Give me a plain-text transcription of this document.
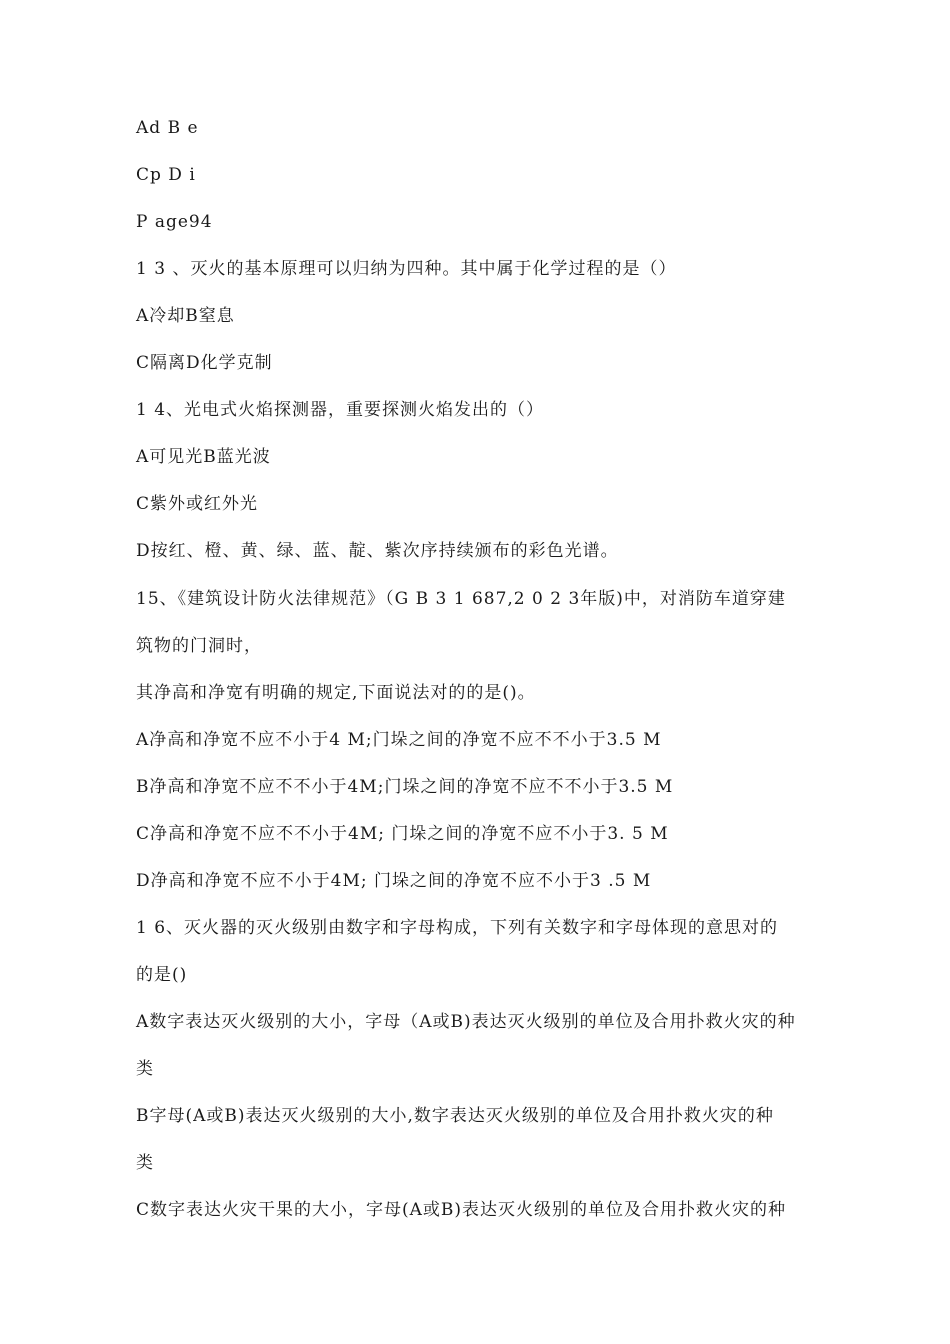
Ad B e
Cp D i
P age94
1 3 、灭火的基本原理可以归纳为四种。其中属于化学过程的是（）
A冷却B窒息
C隔离D化学克制
1 4、光电式火焰探测器，重要探测火焰发出的（）
A可见光B蓝光波
C紫外或红外光
D按红、橙、黄、绿、蓝、靛、紫次序持续颁布的彩色光谱。
15、《建筑设计防火法律规范》（G B 3 1 687,2 0 2 3年版)中，对消防车道穿建
筑物的门洞时，
其净高和净宽有明确的规定,下面说法对的的是()。
A净高和净宽不应不小于4 M;门垛之间的净宽不应不不小于3.5 M
B净高和净宽不应不不小于4M;门垛之间的净宽不应不不小于3.5 M
C净高和净宽不应不不小于4M; 门垛之间的净宽不应不小于3. 5 M
D净高和净宽不应不小于4M; 门垛之间的净宽不应不小于3 .5 M
1 6、灭火器的灭火级别由数字和字母构成，下列有关数字和字母体现的意思对的
的是()
A数字表达灭火级别的大小，字母（A或B)表达灭火级别的单位及合用扑救火灾的种
类
B字母(A或B)表达灭火级别的大小,数字表达灭火级别的单位及合用扑救火灾的种
类
C数字表达火灾干果的大小，字母(A或B)表达灭火级别的单位及合用扑救火灾的种
